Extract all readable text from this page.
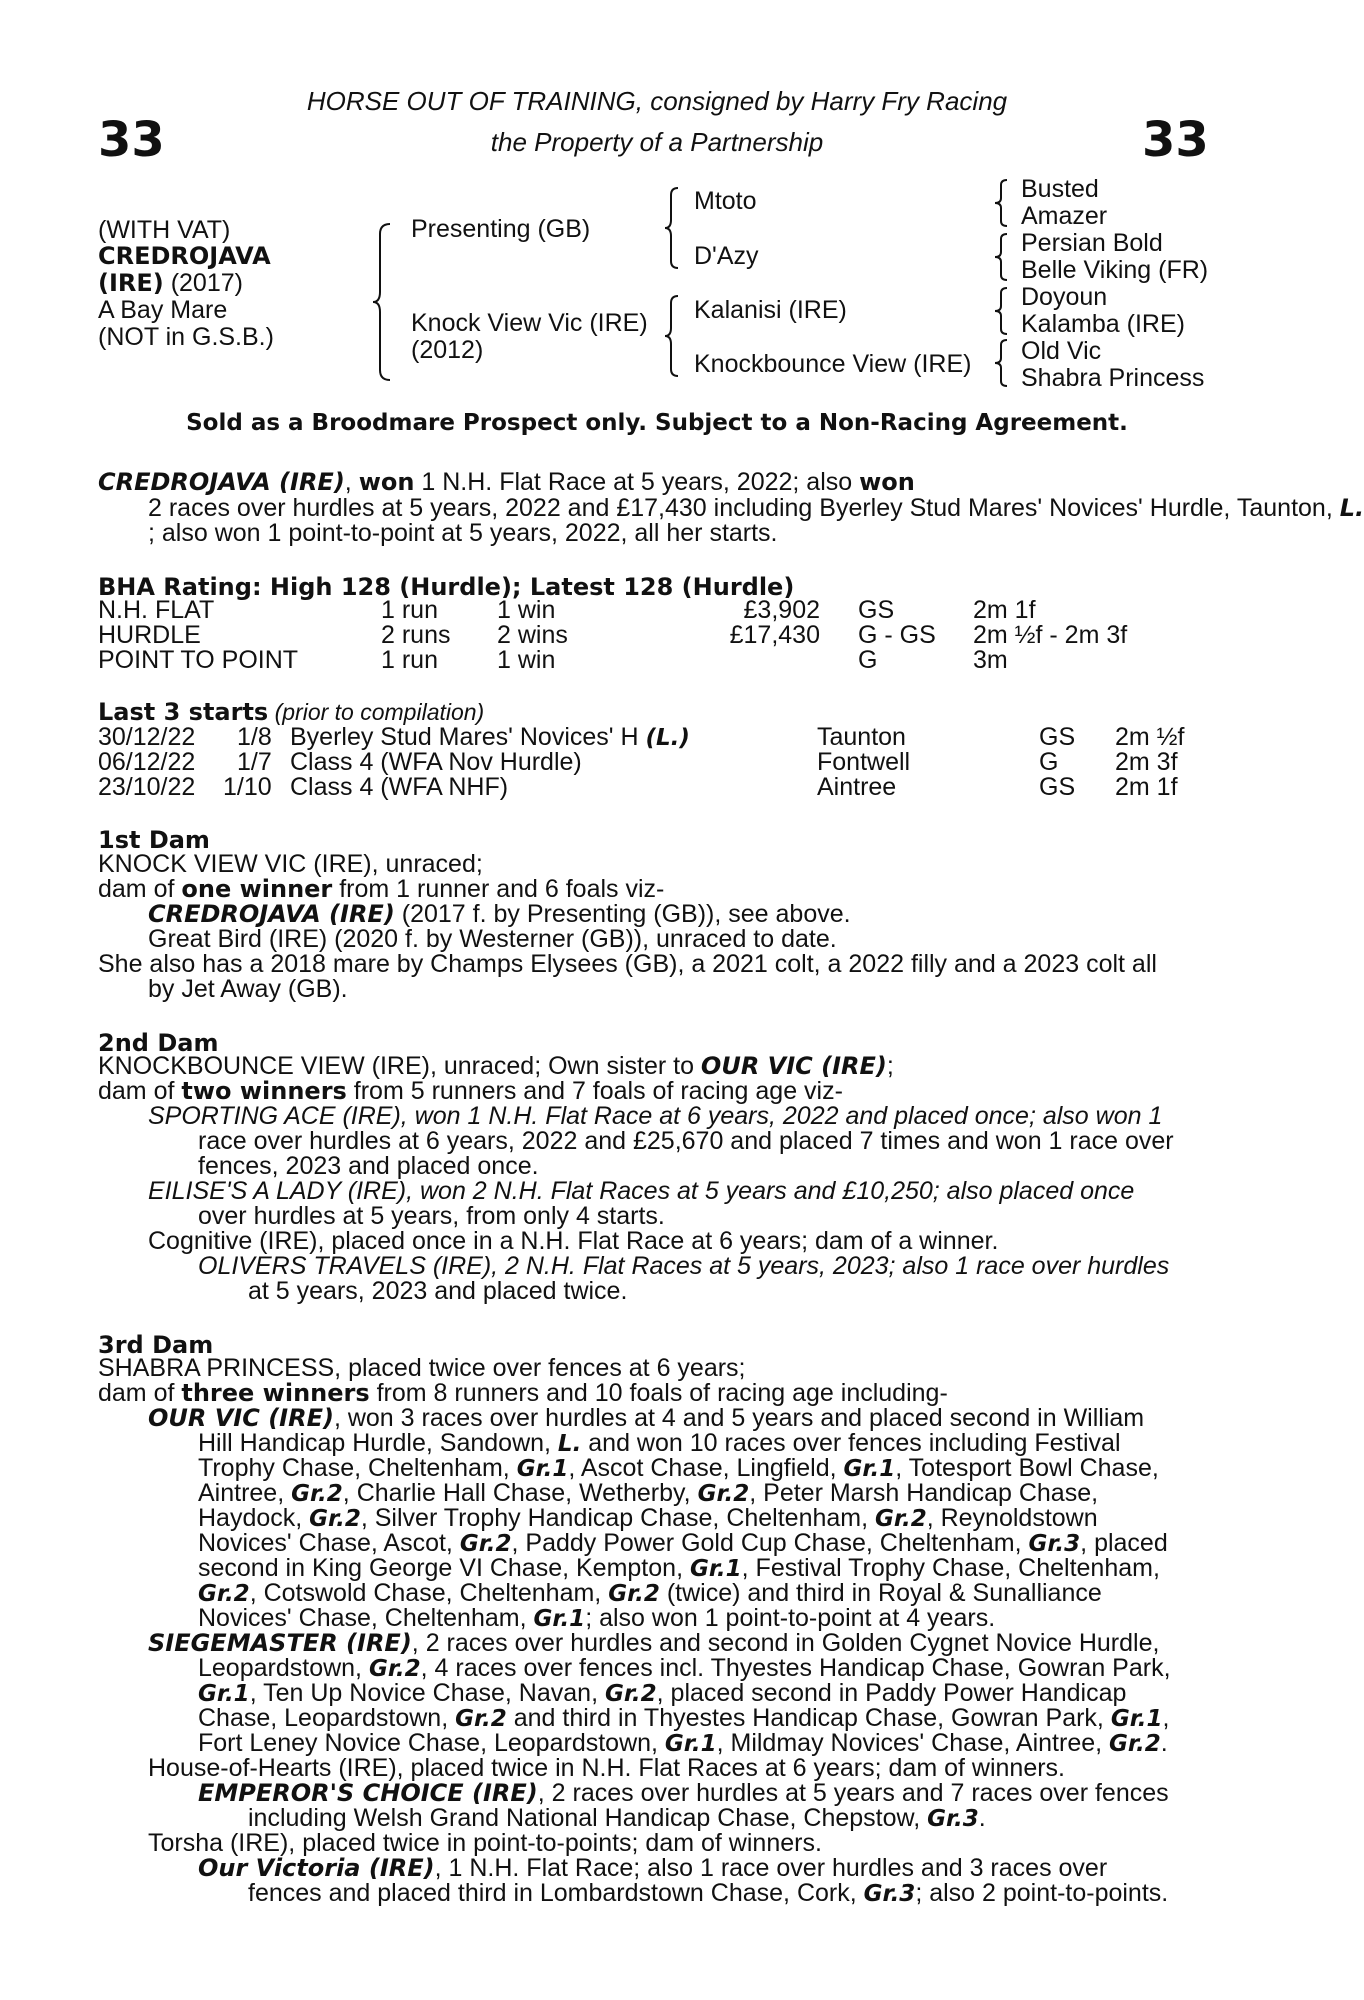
33	33
HORSE OUT OF TRAINING, consigned by Harry Fry Racing
the Property of a Partnership
(WITH VAT)
CREDROJAVA
(IRE) (2017)
A Bay Mare
(NOT in G.S.B.)
Presenting (GB)
Knock View Vic (IRE)
(2012)
Mtoto
D'Azy
Kalanisi (IRE)
Knockbounce View (IRE)
Busted
Amazer
Persian Bold
Belle Viking (FR)
Doyoun
Kalamba (IRE)
Old Vic
Shabra Princess
Sold as a Broodmare Prospect only. Subject to a Non-Racing Agreement.
CREDROJAVA (IRE), won 1 N.H. Flat Race at 5 years, 2022; also won
2 races over hurdles at 5 years, 2022 and £17,430 including Byerley Stud Mares' Novices' Hurdle, Taunton, L.
; also won 1 point-to-point at 5 years, 2022, all her starts.
BHA Rating: High 128 (Hurdle); Latest 128 (Hurdle)
N.H. FLAT	1 run 1 win	£3,902 GS	2m 1f
HURDLE	2 runs 2 wins	£17,430 G - GS 2m ½f - 2m 3f
POINT TO POINT	1 run 1 win	G	3m
Last 3 starts (prior to compilation)
30/12/22 1/8 Byerley Stud Mares' Novices' H (L.)	Taunton	GS 2m ½f
06/12/22 1/7 Class 4 (WFA Nov Hurdle)	Fontwell	G 2m 3f
23/10/22 1/10 Class 4 (WFA NHF)	Aintree	GS 2m 1f
1st Dam
KNOCK VIEW VIC (IRE), unraced;
dam of one winner from 1 runner and 6 foals viz-
CREDROJAVA (IRE) (2017 f. by Presenting (GB)), see above.
Great Bird (IRE) (2020 f. by Westerner (GB)), unraced to date.
She also has a 2018 mare by Champs Elysees (GB), a 2021 colt, a 2022 filly and a 2023 colt all
by Jet Away (GB).
2nd Dam
KNOCKBOUNCE VIEW (IRE), unraced; Own sister to OUR VIC (IRE);
dam of two winners from 5 runners and 7 foals of racing age viz-
SPORTING ACE (IRE), won 1 N.H. Flat Race at 6 years, 2022 and placed once; also won 1
race over hurdles at 6 years, 2022 and £25,670 and placed 7 times and won 1 race over
fences, 2023 and placed once.
EILISE'S A LADY (IRE), won 2 N.H. Flat Races at 5 years and £10,250; also placed once
over hurdles at 5 years, from only 4 starts.
Cognitive (IRE), placed once in a N.H. Flat Race at 6 years; dam of a winner.
OLIVERS TRAVELS (IRE), 2 N.H. Flat Races at 5 years, 2023; also 1 race over hurdles
at 5 years, 2023 and placed twice.
3rd Dam
SHABRA PRINCESS, placed twice over fences at 6 years;
dam of three winners from 8 runners and 10 foals of racing age including-
OUR VIC (IRE), won 3 races over hurdles at 4 and 5 years and placed second in William
Hill Handicap Hurdle, Sandown, L. and won 10 races over fences including Festival
Trophy Chase, Cheltenham, Gr.1, Ascot Chase, Lingfield, Gr.1, Totesport Bowl Chase,
Aintree, Gr.2, Charlie Hall Chase, Wetherby, Gr.2, Peter Marsh Handicap Chase,
Haydock, Gr.2, Silver Trophy Handicap Chase, Cheltenham, Gr.2, Reynoldstown
Novices' Chase, Ascot, Gr.2, Paddy Power Gold Cup Chase, Cheltenham, Gr.3, placed
second in King George VI Chase, Kempton, Gr.1, Festival Trophy Chase, Cheltenham,
Gr.2, Cotswold Chase, Cheltenham, Gr.2 (twice) and third in Royal & Sunalliance
Novices' Chase, Cheltenham, Gr.1; also won 1 point-to-point at 4 years.
SIEGEMASTER (IRE), 2 races over hurdles and second in Golden Cygnet Novice Hurdle,
Leopardstown, Gr.2, 4 races over fences incl. Thyestes Handicap Chase, Gowran Park,
Gr.1, Ten Up Novice Chase, Navan, Gr.2, placed second in Paddy Power Handicap
Chase, Leopardstown, Gr.2 and third in Thyestes Handicap Chase, Gowran Park, Gr.1,
Fort Leney Novice Chase, Leopardstown, Gr.1, Mildmay Novices' Chase, Aintree, Gr.2.
House-of-Hearts (IRE), placed twice in N.H. Flat Races at 6 years; dam of winners.
EMPEROR'S CHOICE (IRE), 2 races over hurdles at 5 years and 7 races over fences
including Welsh Grand National Handicap Chase, Chepstow, Gr.3.
Torsha (IRE), placed twice in point-to-points; dam of winners.
Our Victoria (IRE), 1 N.H. Flat Race; also 1 race over hurdles and 3 races over
fences and placed third in Lombardstown Chase, Cork, Gr.3; also 2 point-to-points.
